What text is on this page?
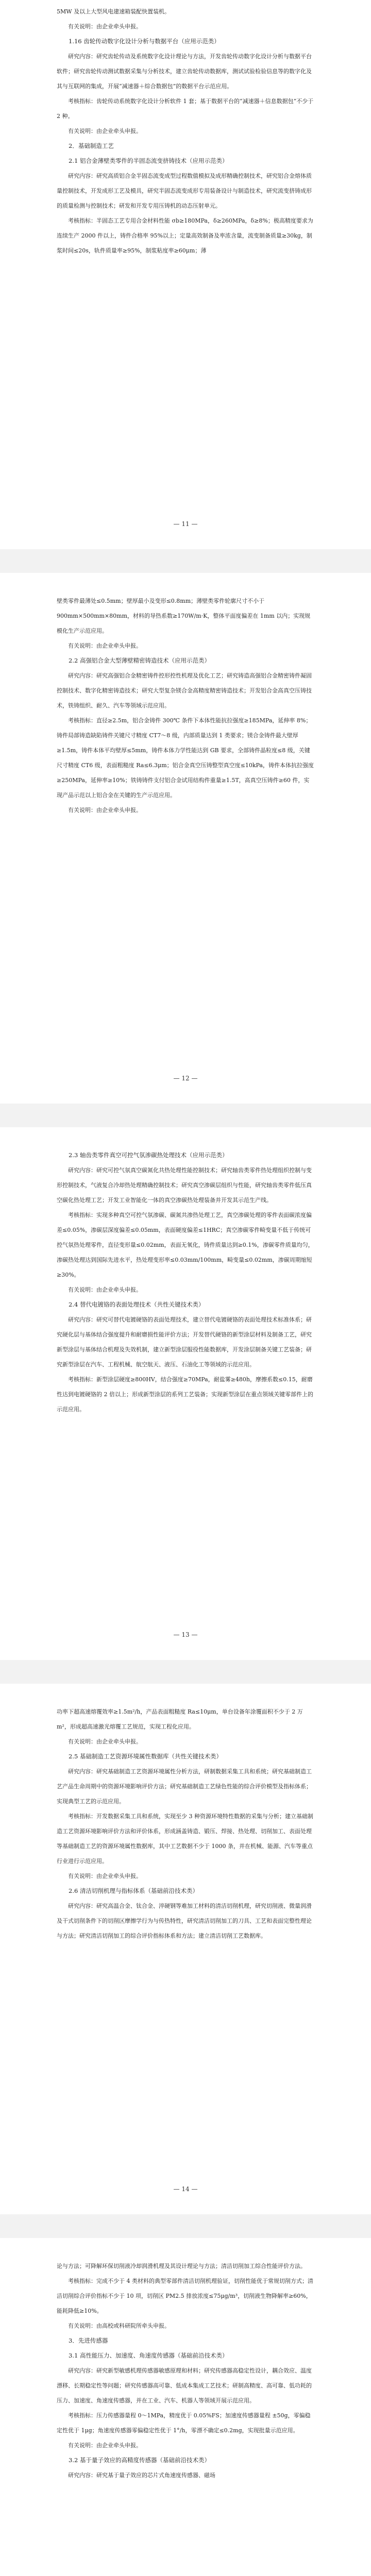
5MW 及以上大型风电建速箱装配快置装机。

有关说明：由企业牵头申报。

1.16 齿轮传动数字化设计分析与数据平台（应用示范类）

研究内容：研究齿轮传动及系统数字化设计理论与方法，开发齿轮传动数字化设计分析与数据平台软件；研究齿轮传动测试数据采集与分析技术，建立齿轮传动数据库，测试试验检验信息等的数字化及其与互联网的集成，开展“减速器＋综合数据包”的数据平台示范应用。

考核指标：齿轮传动系统数字化设计分析软件 1 套；基于数据平台的“减速器＋信息数据包”不少于 2 种。

有关说明：由企业牵头申报。

2．基础制造工艺

2.1 铝合金薄壁类零件的半固态流变挤铸技术（应用示范类）

研究内容：研究高质铝合金半固态流变成型过程数值模拟及成形精确控制技术，研究铝合金熔体质量控制技术，开发成形工艺及模具，研究半固态流变成形专用装备设计与制造技术，研究流变挤铸成形的质量检测与控制技术；研发和开发专用压铸机的动态压射单元。

考核指标：半固态工艺专用合金材料性能 σb≥180MPa，δ≥260MPa，δ≥8%；极高精度要求为连续生产 2000 件以上，铸件合格率 95%以上；定量高效制备及率浓含量，流变制备质量≥30kg，制浆时间≤20s，轨件质量率≥95%，制浆粘度率≥60μm；薄

— 11 —

壁类零件最薄处≤0.5mm；壁厚最小及变形≤0.8mm；薄壁类零件轮廓尺寸不小于 900mm×500mm×80mm，材料的导热系数≥170W/m·K，整体平面度偏差在 1mm 以内；实现规模化生产示范应用。

有关说明：由企业牵头申报。

2.2 高强铝合金大型薄壁精密铸造技术（应用示范类）

研究内容：研究高强铝合金精密铸件控形控性机理及优化工艺；研究铸造高强铝合金精密铸件凝固控制技术、数字化精密铸造技术；研究大型复杂镁合金高精度精密铸造技术；开发铝合金高真空压铸技术，铁铸组织、耐久、汽车等领域示范应用。

考核指标：直径≥2.5m，铝合金铸件 300℃ 条件下本体性能抗拉强度≥185MPa，延伸率 8%；铸件局部铸造缺陷铸件关键尺寸精度 CT7～8 级，内部质量达到 1 类要求；镁合金铸件最大壁厚≥1.5m，铸件本体平均壁厚≤5mm，铸件本体力学性能达到 GB 要求，全部铸件晶粒度≤8 级，关键尺寸精度 CT6 级，表面粗糙度 Ra≤6.3μm；铝合金真空压铸整型真空度≤10kPa，铸件本体抗拉强度≥250MPa，延伸率≥10%；铁铸铸件支付铝合金试用结构件重量≥1.5T，高真空压铸件≥60 件，实现产品示范以上铝合金在关键的生产示范应用。

有关说明：由企业牵头申报。

— 12 —

2.3 轴齿类零件真空可控气氛渗碳热处理技术（应用示范类）

研究内容：研究可控气氛真空碳氮化共热处理性能控制技术；研究轴齿类零件热处理组织控制与变形控制技术，气液复合冷却热处理精确控制技术；研究真空渗碳层组织与性能，研究轴齿类零件低压真空碳化热处理工艺；开发工业智能化一体的真空渗碳热处理装备并开发其示范生产线。

考核指标：实现多种真空可控气氛渗碳、碳氮共渗热处理工艺，真空渗碳处理的零件表面碳浓度偏差≤0.05%，渗碳层深度偏差≤0.05mm，表面硬度偏差≤1HRC；真空渗碳零件畸变量不低于传统可控气氛热处理零件，直径变形量≤0.02mm，表面无氧化，铸件质量达到≥0.1%，渗碳零件质量均匀，渗碳热处理达到国际先进水平，热处理变形率≤0.03mm/100mm，畸变量≤0.02mm，渗碳周期缩短≥30%。

有关说明：由企业牵头申报。

2.4 替代电镀铬的表面处理技术（共性关键技术类）

研究内容：研究可替代电镀硬铬的表面处理技术，建立替代电镀硬铬的表面处理技术标准体系；研究硬化层与基体结合强度提升和耐磨损性能评价方法；开发替代硬铬的新型涂层材料及制备工艺，研究新型涂层与基体结合机理及失效机制，建立新型涂层服役性能数据库，开发涂层制备关键工艺装备；研究新型涂层在汽车、工程机械、航空航天、液压、石油化工等领域的示范应用。

考核指标：新型涂层硬度≥800HV，结合强度≥70MPa，耐盐雾≥480h，摩擦系数≤0.15，耐磨性达到电镀硬铬的 2 倍以上；形成新型涂层的系列工艺装备；实现新型涂层在重点领域关键零部件上的示范应用。

— 13 —

功率下超高速熔覆效率≥1.5m²/h，产品表面粗糙度 Ra≤10μm，单台设备年涂覆面积不少于 2 万 m²，形成超高速激光熔覆工艺规范，实现工程化应用。

有关说明：由企业牵头申报。

2.5 基础制造工艺资源环境属性数据库（共性关键技术类）

研究内容：研究基础制造工艺资源环境属性分析方法，研制数据采集工具和系统；研究基础制造工艺产品生命周期中的资源环境影响评价方法；研究基础制造工艺绿色性能的综合评价模型及指标体系；实现典型工艺的示范应用。

考核指标：开发数据采集工具和系统，实现至少 3 种资源环境特性数据的采集与分析；建立基础制造工艺资源环境影响评价方法和评价体系，形成涵盖铸造、锻压、焊接、热处理、切削加工、表面处理等基础制造工艺的资源环境属性数据库，其中工艺数据不少于 1000 条，并在机械、能源、汽车等重点行业进行示范应用。

有关说明：由企业牵头申报。

2.6 清洁切削机理与指标体系（基础前沿技术类）

研究内容：研究高温合金、钛合金、淬硬钢等难加工材料的清洁切削机理，研究切削液、微量润滑及干式切削条件下的切削区摩擦学行为与传热特性，研究清洁切削加工的刀具、工艺和表面完整性理论与方法；研究清洁切削加工的综合评价指标体系和方法；建立清洁切削工艺数据库。

— 14 —

论与方法；可降解环保切削液冷却润滑机理及其设计理论与方法；清洁切削加工综合性能评价方法。

考核指标：完成不少于 4 类材料的典型零部件清洁切削机理验证，切削性能优于常规切削方式；清洁切削综合评价指标不少于 10 项，切削区 PM2.5 排放浓度≤75μg/m³，切削液生物降解率≥60%，能耗降低≥10%。

有关说明：由高校或科研院所牵头申报。

3．先进传感器

3.1 高性能压力、加速度、角速度传感器（基础前沿技术类）

研究内容：研究新型敏感机理传感器敏感原理和材料；研究传感器高稳定性设计，耦合效应、温度漂移、长期稳定性等问题；研究传感器高可靠、低成本集成工艺技术；研制高精度、高可靠、低功耗的压力、加速度、角速度传感器，并在工业、汽车、机器人等领域开展示范应用。

考核指标：压力传感器量程 0～1MPa，精度优于 0.05%FS；加速度传感器量程 ±50g，零偏稳定性优于 1μg；角速度传感器零偏稳定性优于 1°/h，零漂不确定≤0.2mg，实现批量示范应用。

有关说明：由企业牵头申报。

3.2 基于量子效应的高精度传感器（基础前沿技术类）

研究内容：研究基于量子效应的芯片式角速度传感器、磁场
